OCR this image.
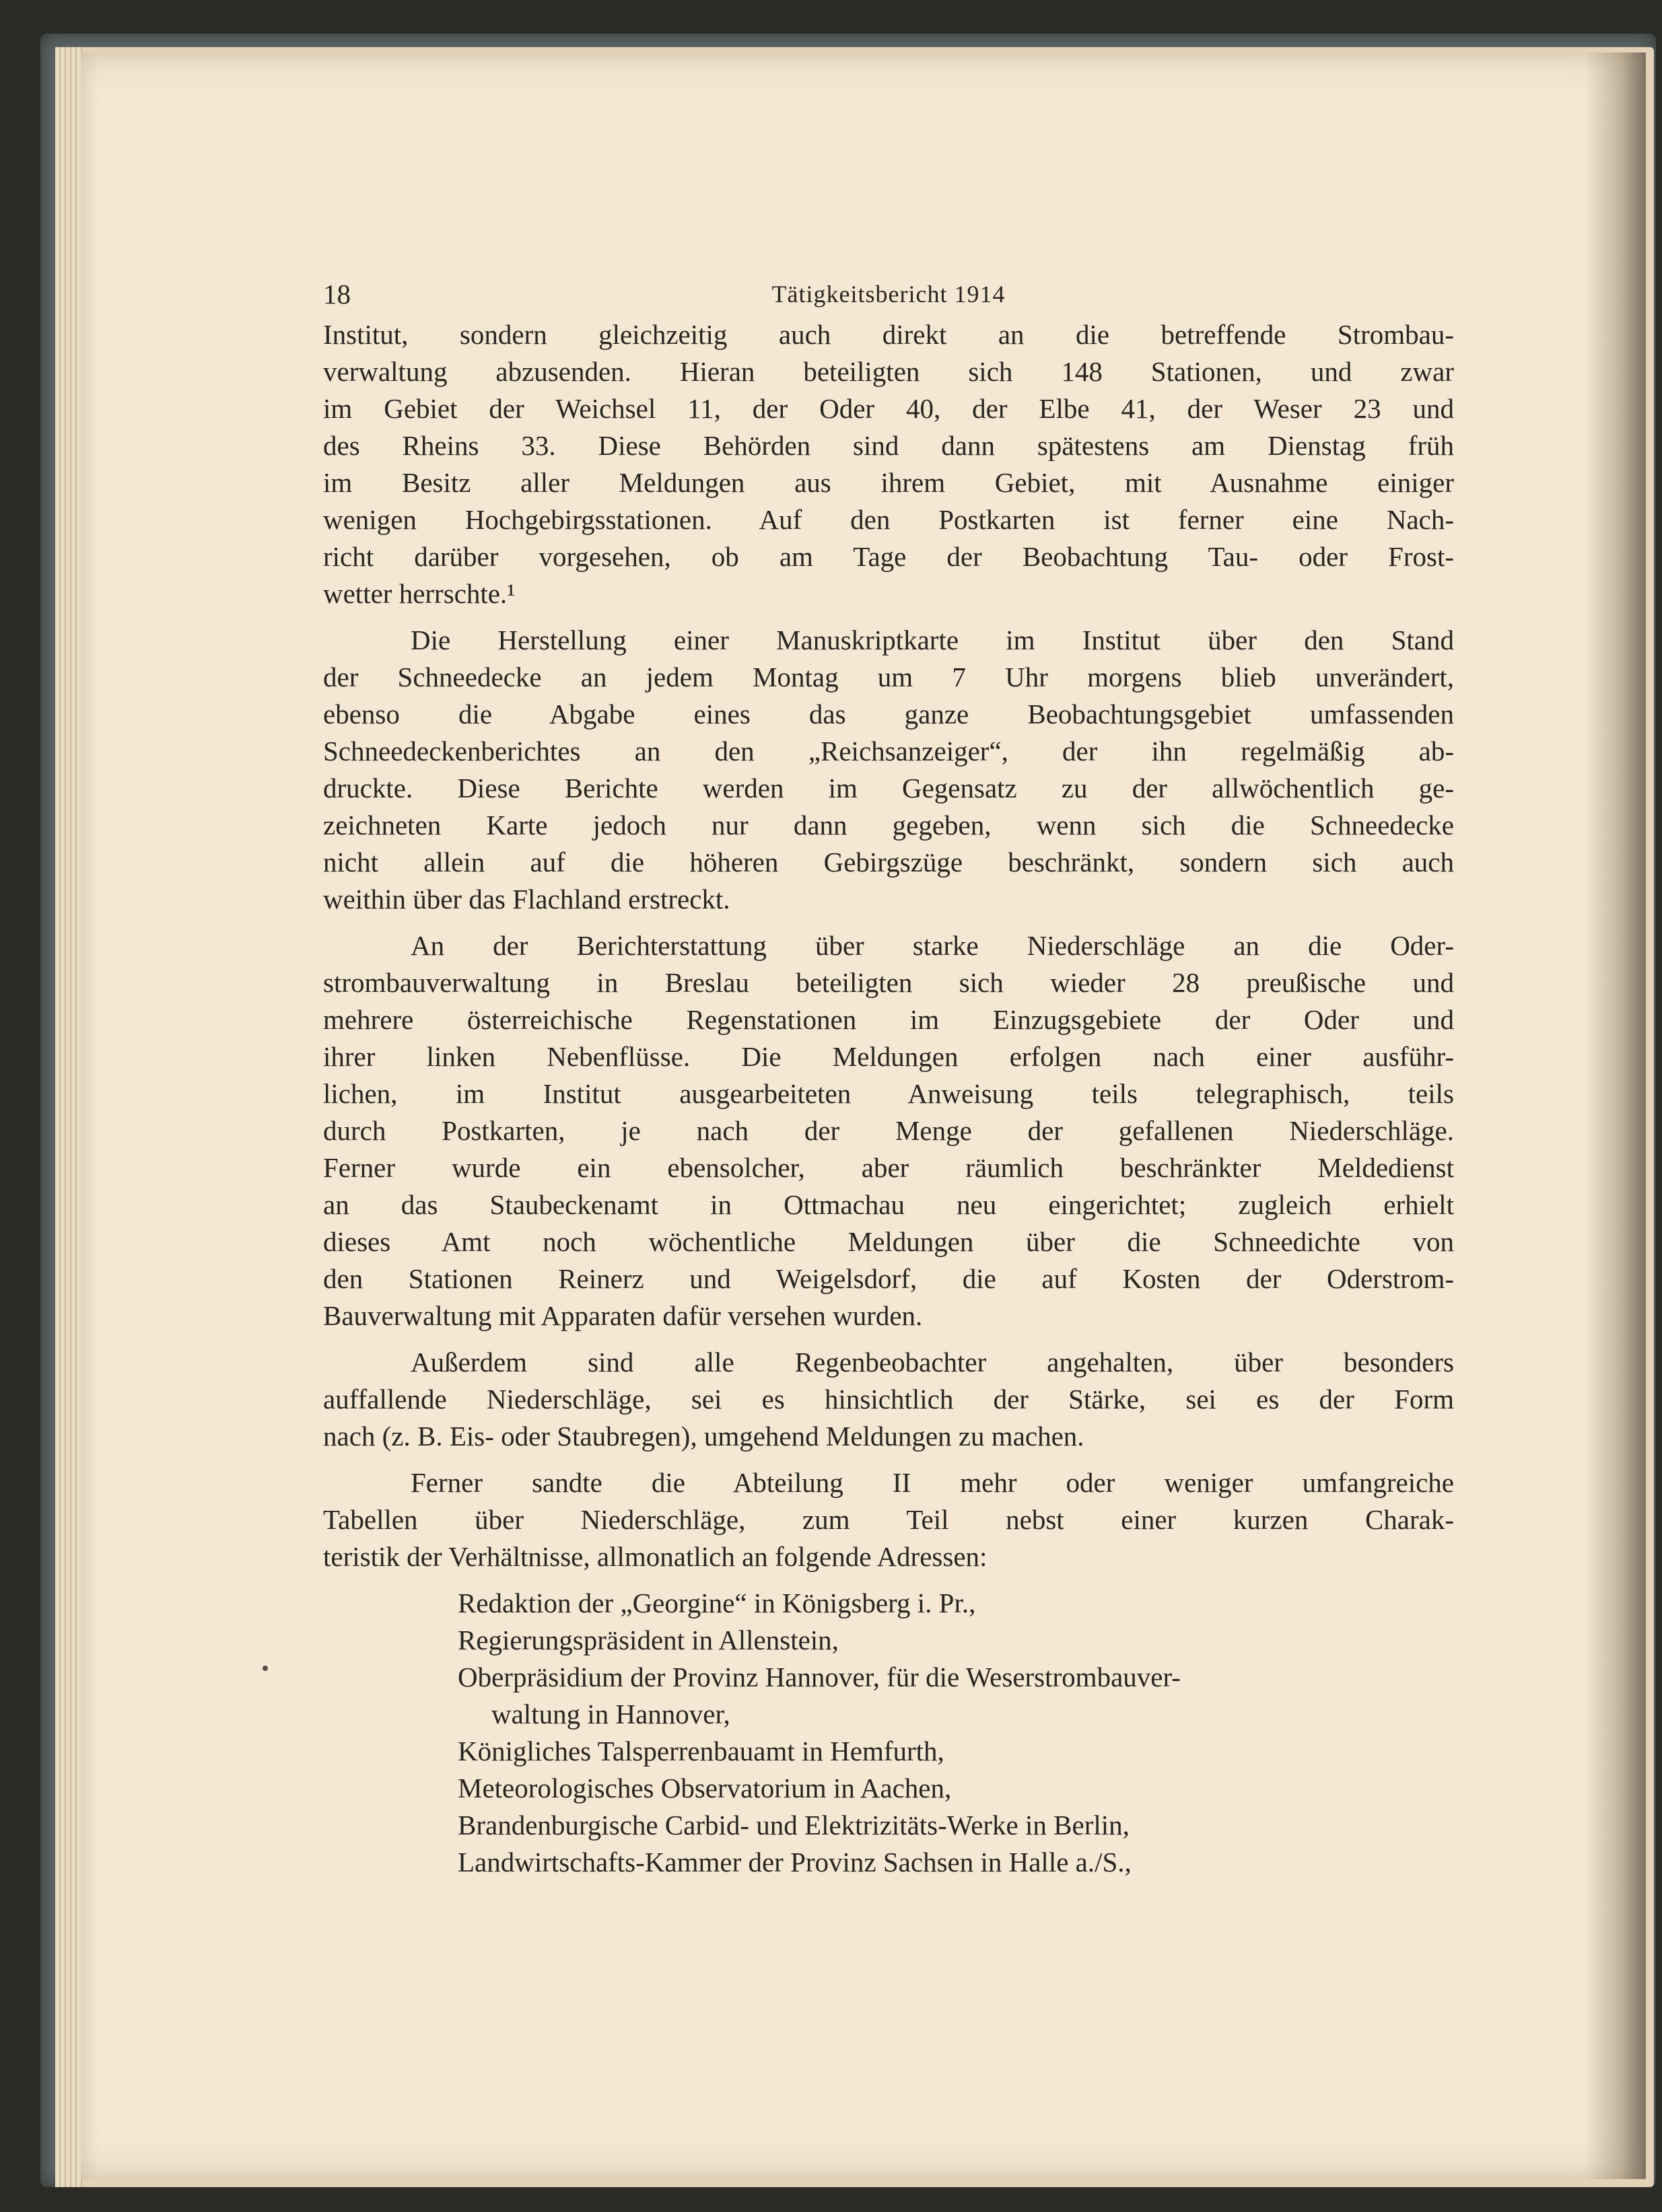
18	Tätigkeitsbericht 1914
Institut, sondern gleichzeitig auch direkt an die betreffende Strombau-
verwaltung abzusenden. Hieran beteiligten sich 148 Stationen, und zwar
im Gebiet der Weichsel 11, der Oder 40, der Elbe 41, der Weser 23 und
des Rheins 33. Diese Behörden sind dann spätestens am Dienstag früh
im Besitz aller Meldungen aus ihrem Gebiet, mit Ausnahme einiger
wenigen Hochgebirgsstationen. Auf den Postkarten ist ferner eine Nach-
richt darüber vorgesehen, ob am Tage der Beobachtung Tau- oder Frost-
wetter herrschte.¹
Die Herstellung einer Manuskriptkarte im Institut über den Stand
der Schneedecke an jedem Montag um 7 Uhr morgens blieb unverändert,
ebenso die Abgabe eines das ganze Beobachtungsgebiet umfassenden
Schneedeckenberichtes an den „Reichsanzeiger“, der ihn regelmäßig ab-
druckte. Diese Berichte werden im Gegensatz zu der allwöchentlich ge-
zeichneten Karte jedoch nur dann gegeben, wenn sich die Schneedecke
nicht allein auf die höheren Gebirgszüge beschränkt, sondern sich auch
weithin über das Flachland erstreckt.
An der Berichterstattung über starke Niederschläge an die Oder-
strombauverwaltung in Breslau beteiligten sich wieder 28 preußische und
mehrere österreichische Regenstationen im Einzugsgebiete der Oder und
ihrer linken Nebenflüsse. Die Meldungen erfolgen nach einer ausführ-
lichen, im Institut ausgearbeiteten Anweisung teils telegraphisch, teils
durch Postkarten, je nach der Menge der gefallenen Niederschläge.
Ferner wurde ein ebensolcher, aber räumlich beschränkter Meldedienst
an das Staubeckenamt in Ottmachau neu eingerichtet; zugleich erhielt
dieses Amt noch wöchentliche Meldungen über die Schneedichte von
den Stationen Reinerz und Weigelsdorf, die auf Kosten der Oderstrom-
Bauverwaltung mit Apparaten dafür versehen wurden.
Außerdem sind alle Regenbeobachter angehalten, über besonders
auffallende Niederschläge, sei es hinsichtlich der Stärke, sei es der Form
nach (z. B. Eis- oder Staubregen), umgehend Meldungen zu machen.
Ferner sandte die Abteilung II mehr oder weniger umfangreiche
Tabellen über Niederschläge, zum Teil nebst einer kurzen Charak-
teristik der Verhältnisse, allmonatlich an folgende Adressen:
Redaktion der „Georgine“ in Königsberg i. Pr.,
Regierungspräsident in Allenstein,
Oberpräsidium der Provinz Hannover, für die Weserstrombauver-
waltung in Hannover,
Königliches Talsperrenbauamt in Hemfurth,
Meteorologisches Observatorium in Aachen,
Brandenburgische Carbid- und Elektrizitäts-Werke in Berlin,
Landwirtschafts-Kammer der Provinz Sachsen in Halle a./S.,
